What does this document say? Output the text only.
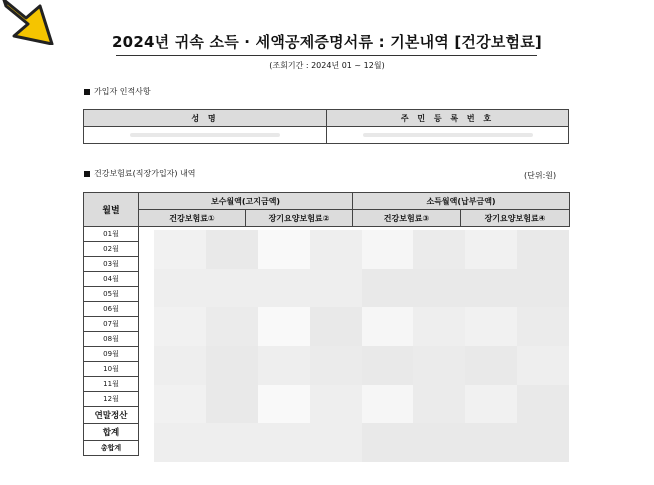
2024년 귀속 소득 · 세액공제증명서류 : 기본내역 [건강보험료]
(조회기간 : 2024년 01 ~ 12월)
가입자 인적사항
성 명	주 민 등 록 번 호

건강보험료(직장가입자) 내역	(단위:원)
월별	보수월액(고지금액)		소득월액(납부금액)	
	건강보험료①	장기요양보험료②	건강보험료③	장기요양보험료④
01월				
02월				
03월				
04월				
05월				
06월				
07월				
08월				
09월				
10월				
11월				
12월				
연말정산				
합계				
총합계				
